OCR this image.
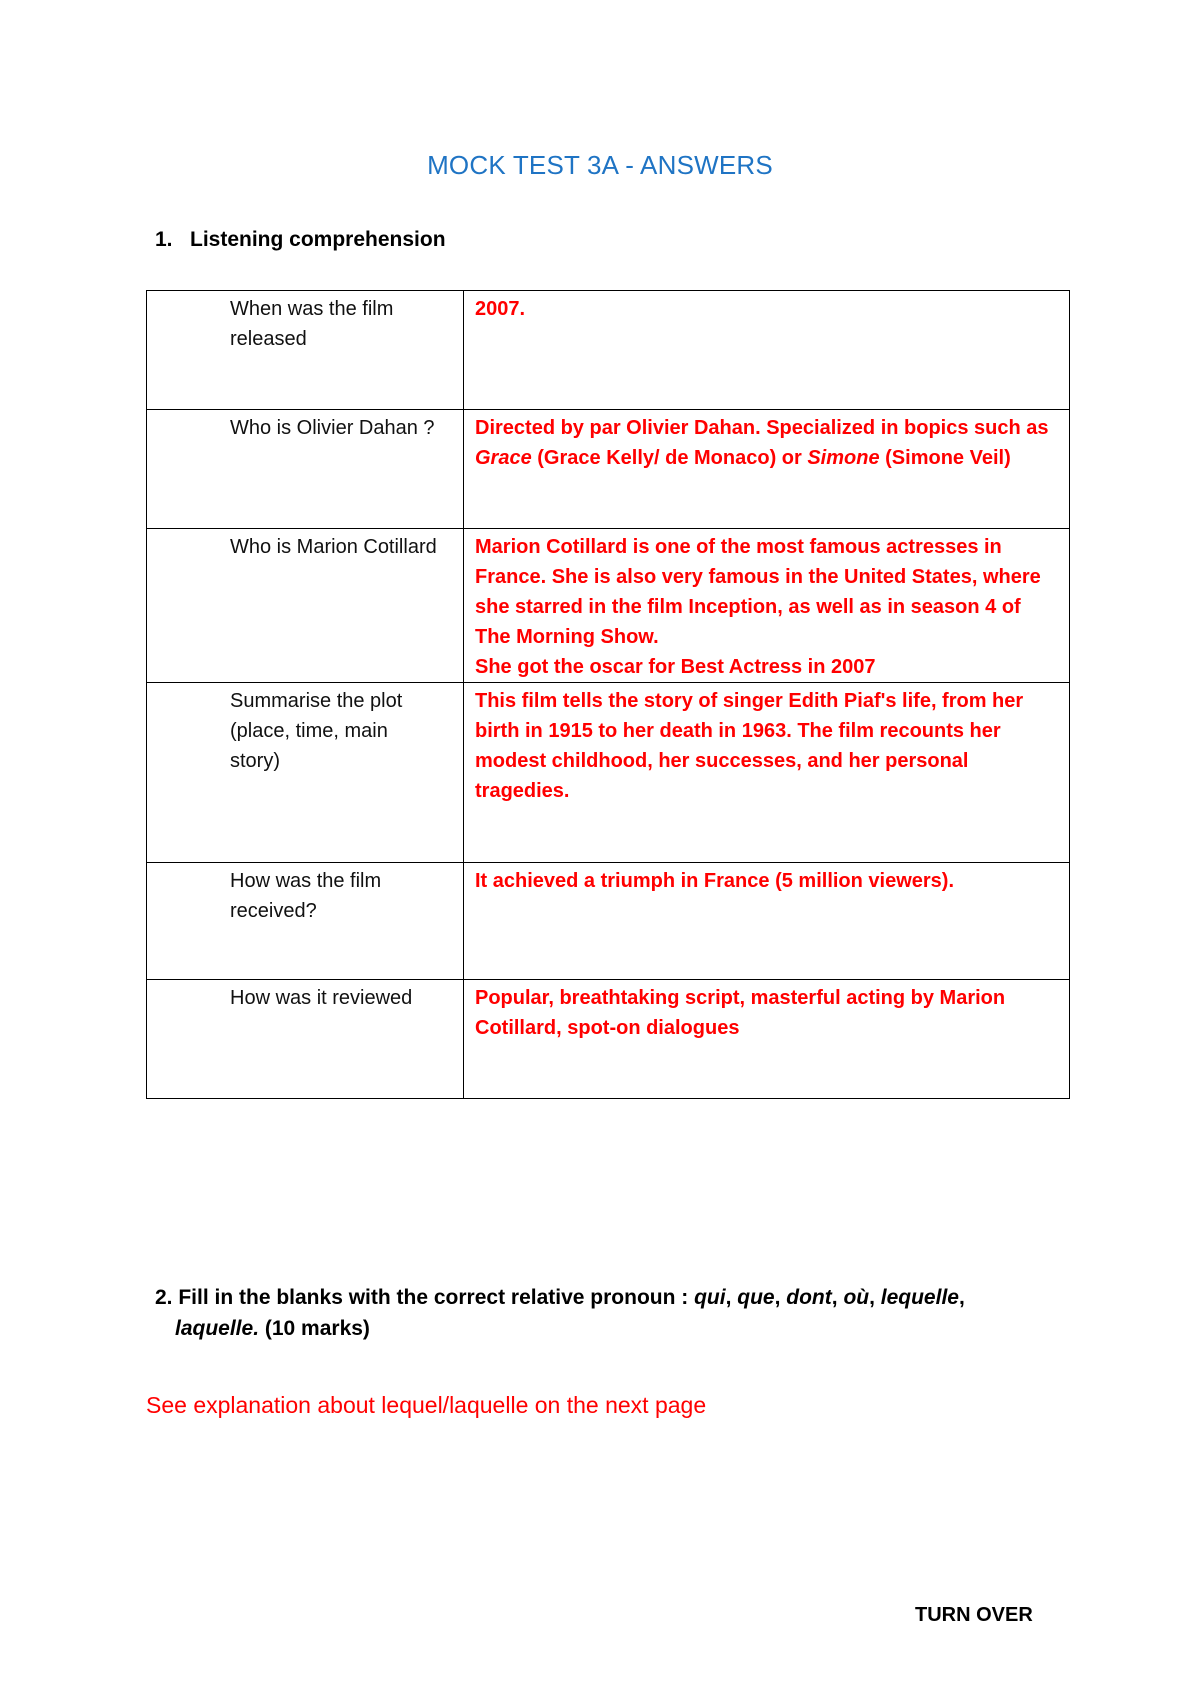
MOCK TEST 3A - ANSWERS
1. Listening comprehension
When was the film released	2007.

Who is Olivier Dahan ?	Directed by par Olivier Dahan. Specialized in bopics such as Grace (Grace Kelly/ de Monaco) or Simone (Simone Veil)

Who is Marion Cotillard	Marion Cotillard is one of the most famous actresses in France. She is also very famous in the United States, where she starred in the film Inception, as well as in season 4 of The Morning Show.
She got the oscar for Best Actress in 2007

Summarise the plot (place, time, main story)	This film tells the story of singer Edith Piaf's life, from her birth in 1915 to her death in 1963. The film recounts her modest childhood, her successes, and her personal tragedies.

How was the film received?	It achieved a triumph in France (5 million viewers).

How was it reviewed	Popular, breathtaking script, masterful acting by Marion Cotillard, spot-on dialogues
2. Fill in the blanks with the correct relative pronoun : qui, que, dont, où, lequelle,
laquelle. (10 marks)
See explanation about lequel/laquelle on the next page
TURN OVER
